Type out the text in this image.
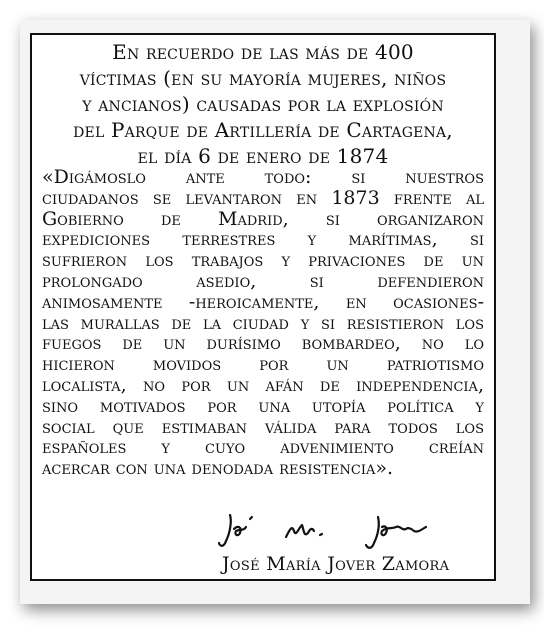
En recuerdo de las más de 400
víctimas (en su mayoría mujeres, niños
y ancianos) causadas por la explosión
del Parque de Artillería de Cartagena,
el día 6 de enero de 1874
«Digámoslo ante todo: si nuestros
ciudadanos se levantaron en 1873 frente al
Gobierno de Madrid, si organizaron
expediciones terrestres y marítimas, si
sufrieron los trabajos y privaciones de un
prolongado asedio, si defendieron
animosamente -heroicamente, en ocasiones-
las murallas de la ciudad y si resistieron los
fuegos de un durísimo bombardeo, no lo
hicieron movidos por un patriotismo
localista, no por un afán de independencia,
sino motivados por una utopía política y
social que estimaban válida para todos los
españoles y cuyo advenimiento creían
acercar con una denodada resistencia».
José María Jover Zamora
